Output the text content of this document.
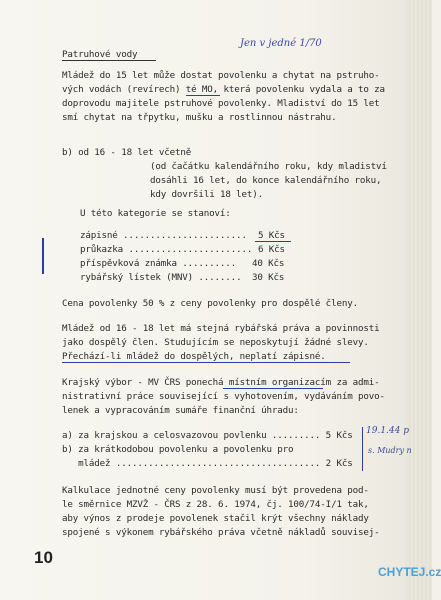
Jen v jedné 1/70
Patruhové vody
Mládež do 15 let může dostat povolenku a chytat na pstruho-
vých vodách (revírech) té MO, která povolenku vydala a to za
doprovodu majitele pstruhové povolenky. Mladiství do 15 let
smí chytat na třpytku, mušku a rostlinnou nástrahu.
b) od 16 - 18 let včetně
(od čačátku kalendářního roku, kdy mladiství
dosáhli 16 let, do konce kalendářního roku,
kdy dovršili 18 let).
U této kategorie se stanoví:
zápisné ....................... 5 Kčs
průkazka ....................... 6 Kčs
příspěvková známka .......... 40 Kčs
rybářský lístek (MNV) ........ 30 Kčs
Cena povolenky 50 % z ceny povolenky pro dospělé členy.
Mládež od 16 - 18 let má stejná rybářská práva a povinnosti
jako dospělý člen. Studujícím se neposkytují žádné slevy.
Přechází-li mládež do dospělých, neplatí zápisné.
Krajský výbor - MV ČRS ponechá místním organizacím za admi-
nistrativní práce související s vyhotovením, vydáváním povo-
lenek a vypracováním sumáře finanční úhradu:
a) za krajskou a celosvazovou povlenku ......... 5 Kčs
b) za krátkodobou povolenku a povolenku pro
mládež ...................................... 2 Kčs
19.1.44 p
s. Mudry n
Kalkulace jednotné ceny povolenky musí být provedena pod-
le směrnice MZVŽ - ČRS z 28. 6. 1974, čj. 100/74-I/1 tak,
aby výnos z prodeje povolenek stačil krýt všechny náklady
spojené s výkonem rybářského práva včetně nákladů souvisej-
10
CHYTEJ.cz
